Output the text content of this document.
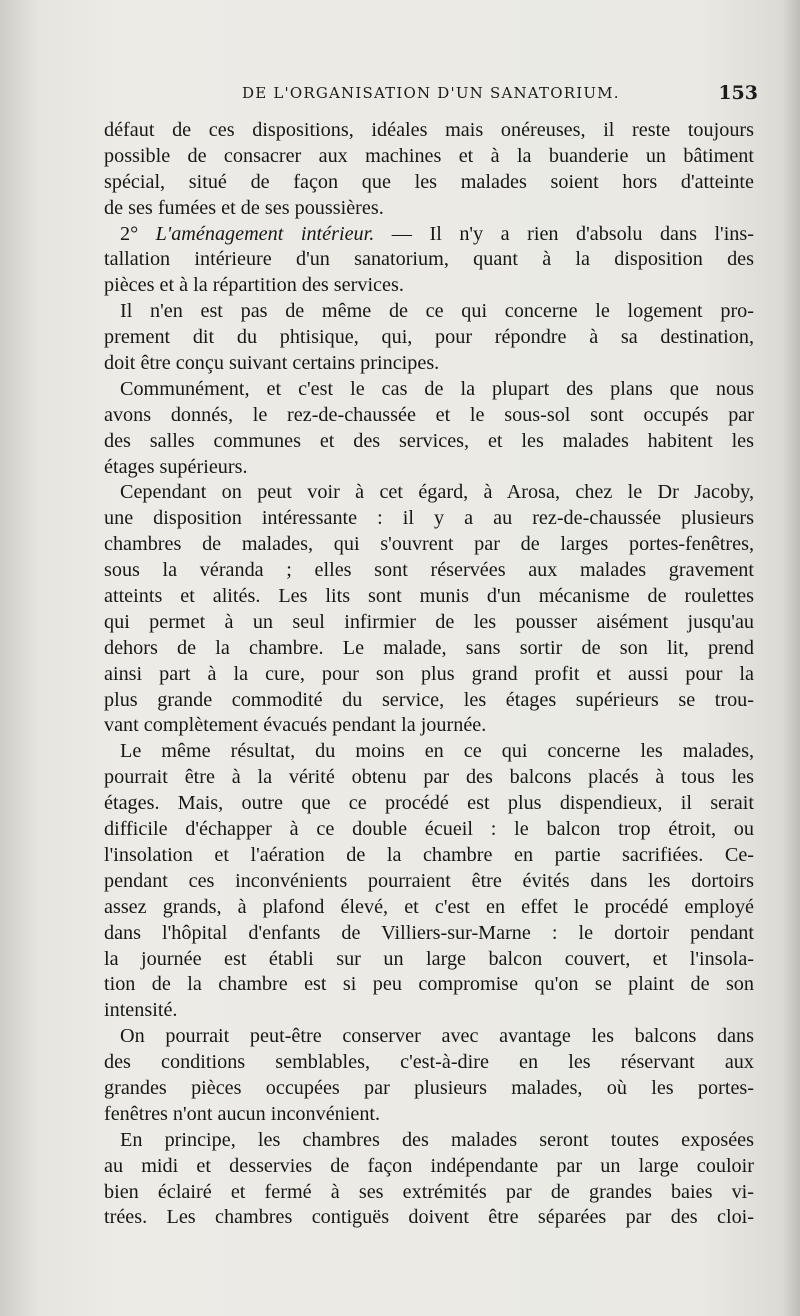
DE L'ORGANISATION D'UN SANATORIUM.	153
défaut de ces dispositions, idéales mais onéreuses, il reste toujours
possible de consacrer aux machines et à la buanderie un bâtiment
spécial, situé de façon que les malades soient hors d'atteinte
de ses fumées et de ses poussières.
2° L'aménagement intérieur. — Il n'y a rien d'absolu dans l'ins-
tallation intérieure d'un sanatorium, quant à la disposition des
pièces et à la répartition des services.
Il n'en est pas de même de ce qui concerne le logement pro-
prement dit du phtisique, qui, pour répondre à sa destination,
doit être conçu suivant certains principes.
Communément, et c'est le cas de la plupart des plans que nous
avons donnés, le rez-de-chaussée et le sous-sol sont occupés par
des salles communes et des services, et les malades habitent les
étages supérieurs.
Cependant on peut voir à cet égard, à Arosa, chez le Dr Jacoby,
une disposition intéressante : il y a au rez-de-chaussée plusieurs
chambres de malades, qui s'ouvrent par de larges portes-fenêtres,
sous la véranda ; elles sont réservées aux malades gravement
atteints et alités. Les lits sont munis d'un mécanisme de roulettes
qui permet à un seul infirmier de les pousser aisément jusqu'au
dehors de la chambre. Le malade, sans sortir de son lit, prend
ainsi part à la cure, pour son plus grand profit et aussi pour la
plus grande commodité du service, les étages supérieurs se trou-
vant complètement évacués pendant la journée.
Le même résultat, du moins en ce qui concerne les malades,
pourrait être à la vérité obtenu par des balcons placés à tous les
étages. Mais, outre que ce procédé est plus dispendieux, il serait
difficile d'échapper à ce double écueil : le balcon trop étroit, ou
l'insolation et l'aération de la chambre en partie sacrifiées. Ce-
pendant ces inconvénients pourraient être évités dans les dortoirs
assez grands, à plafond élevé, et c'est en effet le procédé employé
dans l'hôpital d'enfants de Villiers-sur-Marne : le dortoir pendant
la journée est établi sur un large balcon couvert, et l'insola-
tion de la chambre est si peu compromise qu'on se plaint de son
intensité.
On pourrait peut-être conserver avec avantage les balcons dans
des conditions semblables, c'est-à-dire en les réservant aux
grandes pièces occupées par plusieurs malades, où les portes-
fenêtres n'ont aucun inconvénient.
En principe, les chambres des malades seront toutes exposées
au midi et desservies de façon indépendante par un large couloir
bien éclairé et fermé à ses extrémités par de grandes baies vi-
trées. Les chambres contiguës doivent être séparées par des cloi-
